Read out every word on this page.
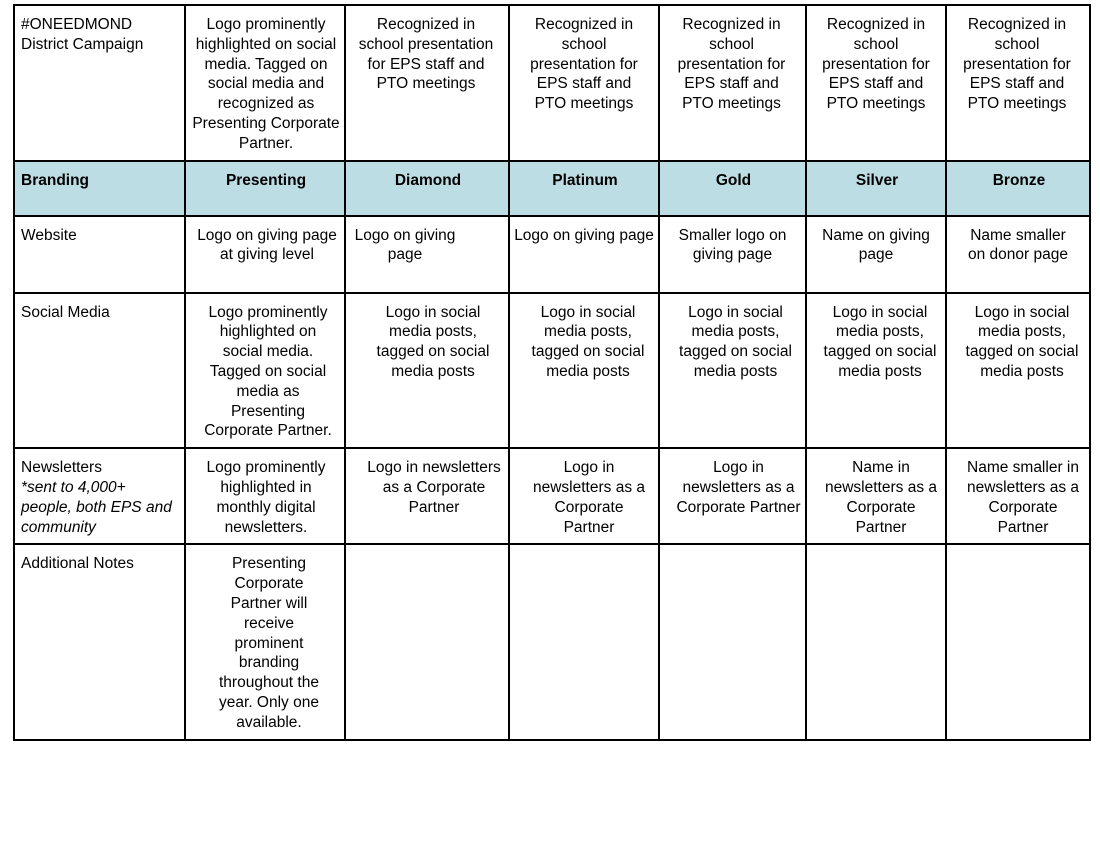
#ONEEDMOND District Campaign	Logo prominently highlighted on social media. Tagged on social media and recognized as Presenting Corporate Partner.	Recognized in school presentation for EPS staff and PTO meetings	Recognized in school presentation for EPS staff and PTO meetings	Recognized in school presentation for EPS staff and PTO meetings	Recognized in school presentation for EPS staff and PTO meetings	Recognized in school presentation for EPS staff and PTO meetings
Branding	Presenting	Diamond	Platinum	Gold	Silver	Bronze
Website	Logo on giving page at giving level	Logo on giving page	Logo on giving page	Smaller logo on giving page	Name on giving page	Name smaller on donor page
Social Media	Logo prominently highlighted on social media. Tagged on social media as Presenting Corporate Partner.	Logo in social media posts, tagged on social media posts	Logo in social media posts, tagged on social media posts	Logo in social media posts, tagged on social media posts	Logo in social media posts, tagged on social media posts	Logo in social media posts, tagged on social media posts
Newsletters
*sent to 4,000+ people, both EPS and community	Logo prominently highlighted in monthly digital newsletters.	Logo in newsletters as a Corporate Partner	Logo in newsletters as a Corporate Partner	Logo in newsletters as a Corporate Partner	Name in newsletters as a Corporate Partner	Name smaller in newsletters as a Corporate Partner
Additional Notes	Presenting Corporate Partner will receive prominent branding throughout the year. Only one available.					
